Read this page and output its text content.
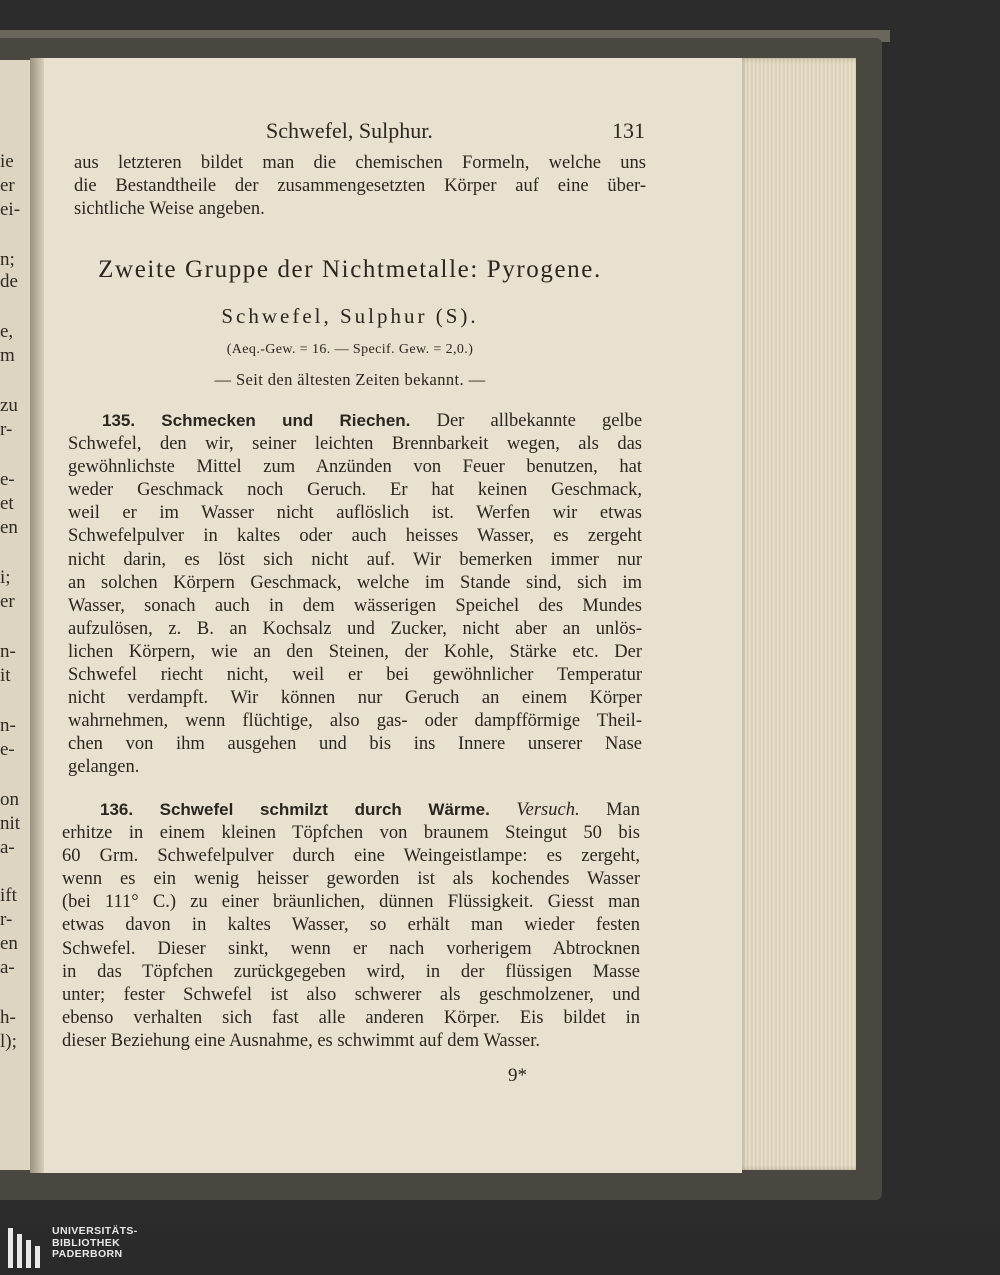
ie
er
ei-
n;
de
e,
m
zu
r-
e-
et
en
i;
er
n-
it
n-
e-
on
nit
a-
ift
r-
en
a-
h-
l);
Schwefel, Sulphur.	131
aus letzteren bildet man die chemischen Formeln, welche uns
die Bestandtheile der zusammengesetzten Körper auf eine über-
sichtliche Weise angeben.
Zweite Gruppe der Nichtmetalle: Pyrogene.
Schwefel, Sulphur (S).
(Aeq.-Gew. = 16. — Specif. Gew. = 2,0.)
— Seit den ältesten Zeiten bekannt. —
135. Schmecken und Riechen. Der allbekannte gelbe
Schwefel, den wir, seiner leichten Brennbarkeit wegen, als das
gewöhnlichste Mittel zum Anzünden von Feuer benutzen, hat
weder Geschmack noch Geruch. Er hat keinen Geschmack,
weil er im Wasser nicht auflöslich ist. Werfen wir etwas
Schwefelpulver in kaltes oder auch heisses Wasser, es zergeht
nicht darin, es löst sich nicht auf. Wir bemerken immer nur
an solchen Körpern Geschmack, welche im Stande sind, sich im
Wasser, sonach auch in dem wässerigen Speichel des Mundes
aufzulösen, z. B. an Kochsalz und Zucker, nicht aber an unlös-
lichen Körpern, wie an den Steinen, der Kohle, Stärke etc. Der
Schwefel riecht nicht, weil er bei gewöhnlicher Temperatur
nicht verdampft. Wir können nur Geruch an einem Körper
wahrnehmen, wenn flüchtige, also gas- oder dampfförmige Theil-
chen von ihm ausgehen und bis ins Innere unserer Nase
gelangen.
136. Schwefel schmilzt durch Wärme. Versuch. Man
erhitze in einem kleinen Töpfchen von braunem Steingut 50 bis
60 Grm. Schwefelpulver durch eine Weingeistlampe: es zergeht,
wenn es ein wenig heisser geworden ist als kochendes Wasser
(bei 111° C.) zu einer bräunlichen, dünnen Flüssigkeit. Giesst man
etwas davon in kaltes Wasser, so erhält man wieder festen
Schwefel. Dieser sinkt, wenn er nach vorherigem Abtrocknen
in das Töpfchen zurückgegeben wird, in der flüssigen Masse
unter; fester Schwefel ist also schwerer als geschmolzener, und
ebenso verhalten sich fast alle anderen Körper. Eis bildet in
dieser Beziehung eine Ausnahme, es schwimmt auf dem Wasser.
9*
UNIVERSITÄTS-
BIBLIOTHEK
PADERBORN
